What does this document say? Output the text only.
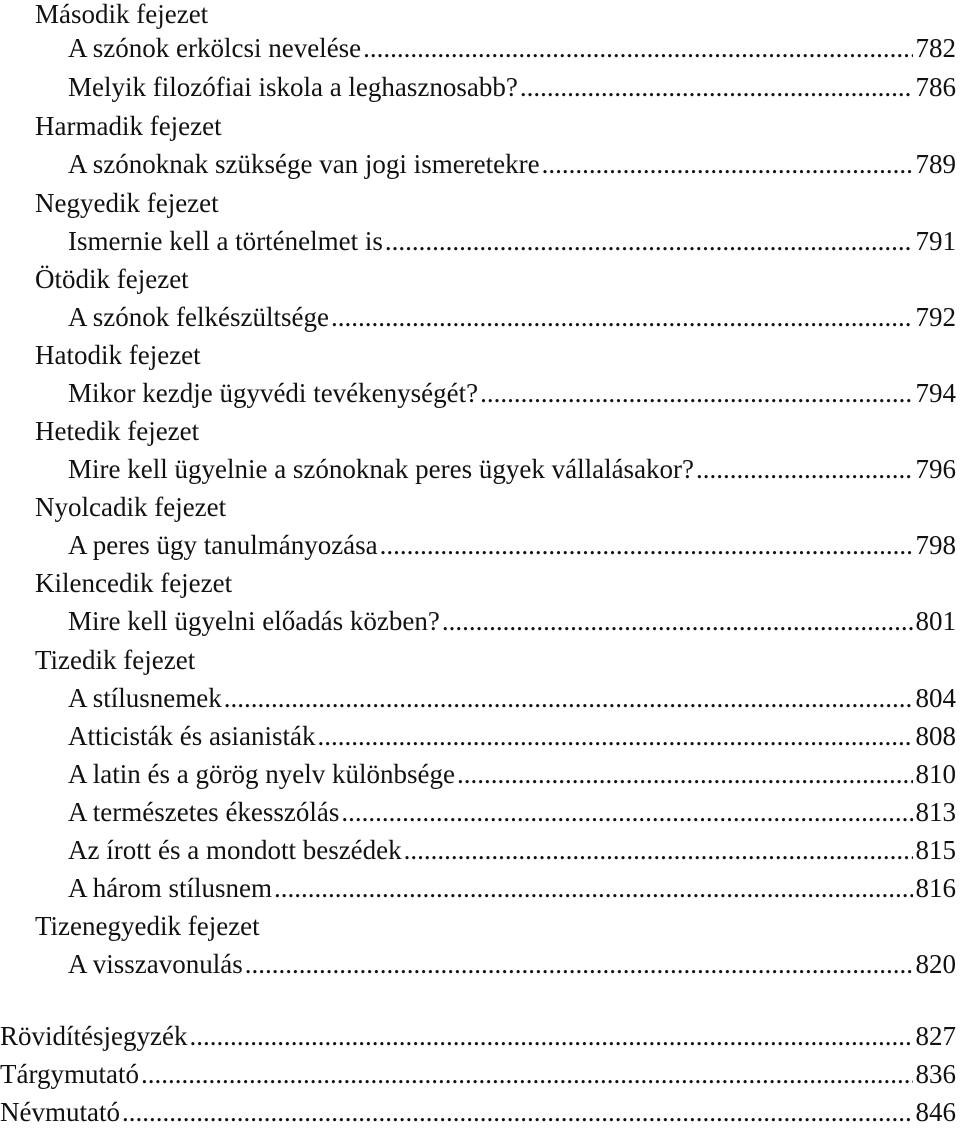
Második fejezet
A szónok erkölcsi nevelése .....	782
Melyik filozófiai iskola a leghasznosabb? .....	786
Harmadik fejezet
A szónoknak szüksége van jogi ismeretekre .....	789
Negyedik fejezet
Ismernie kell a történelmet is .....	791
Ötödik fejezet
A szónok felkészültsége .....	792
Hatodik fejezet
Mikor kezdje ügyvédi tevékenységét? .....	794
Hetedik fejezet
Mire kell ügyelnie a szónoknak peres ügyek vállalásakor? .....	796
Nyolcadik fejezet
A peres ügy tanulmányozása .....	798
Kilencedik fejezet
Mire kell ügyelni előadás közben? .....	801
Tizedik fejezet
A stílusnemek .....	804
Atticisták és asianisták .....	808
A latin és a görög nyelv különbsége .....	810
A természetes ékesszólás .....	813
Az írott és a mondott beszédek .....	815
A három stílusnem .....	816
Tizenegyedik fejezet
A visszavonulás .....	820
Rövidítésjegyzék .....	827
Tárgymutató .....	836
Névmutató .....	846
